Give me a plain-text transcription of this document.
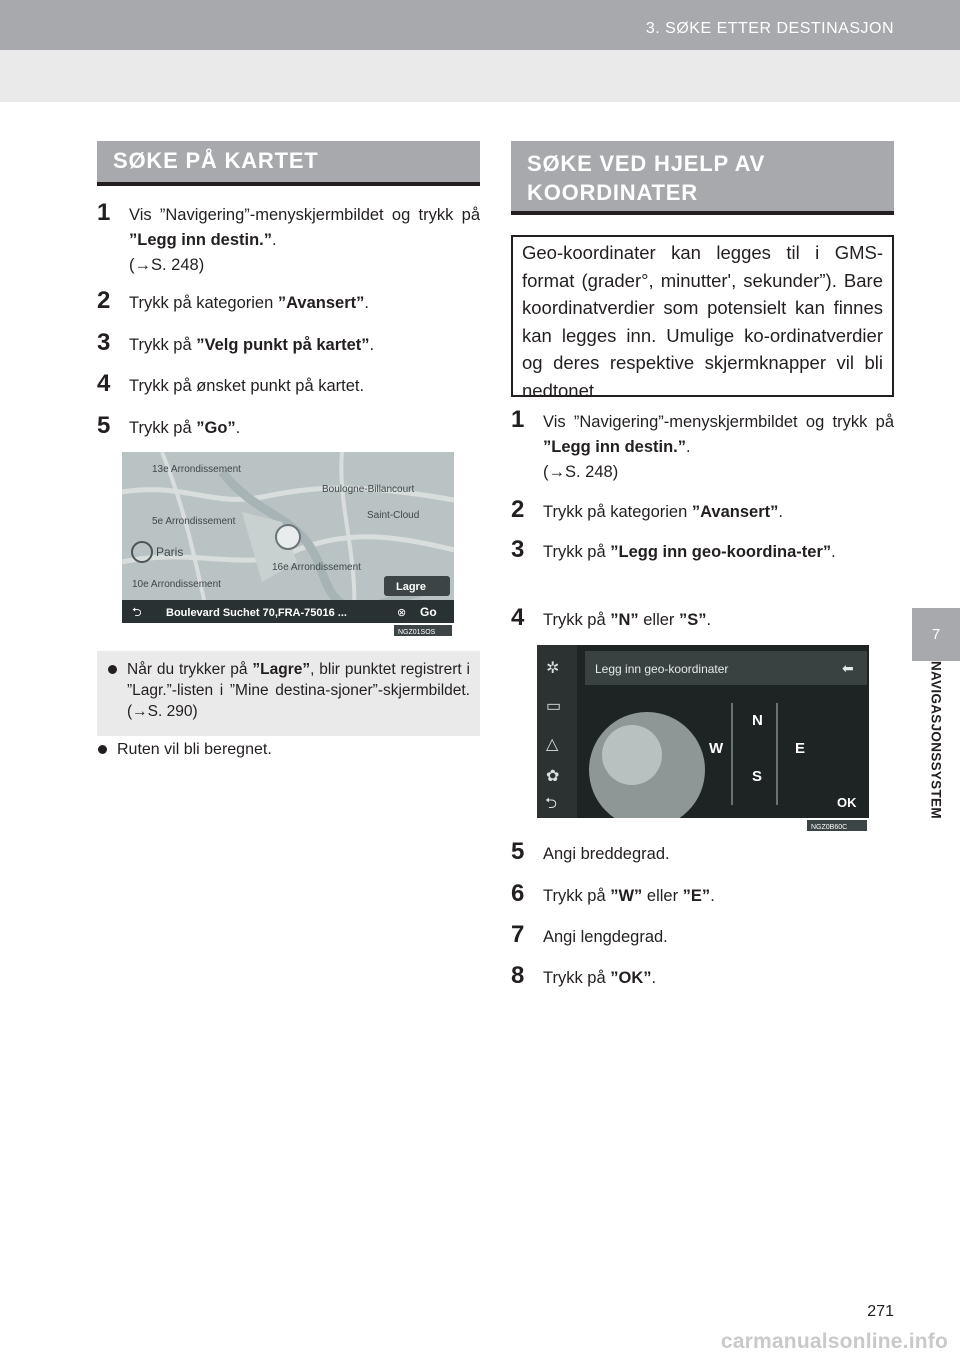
3. SØKE ETTER DESTINASJON
7
NAVIGASJONSSYSTEM
SØKE PÅ KARTET
1	Vis ”Navigering”-menyskjermbildet og trykk på ”Legg inn destin.”.
(→S. 248)
2	Trykk på kategorien ”Avansert”.
3	Trykk på ”Velg punkt på kartet”.
4	Trykk på ønsket punkt på kartet.
5	Trykk på ”Go”.
13e Arrondissement
Boulogne-Billancourt
5e Arrondissement
Saint-Cloud
Paris
10e Arrondissement
16e Arrondissement
Lagre
⮌ Boulevard Suchet 70,FRA-75016 ...	⊗ Go
NGZ01SOS
Når du trykker på ”Lagre”, blir punktet registrert i ”Lagr.”-listen i ”Mine destina-sjoner”-skjermbildet. (→S. 290)
Ruten vil bli beregnet.
SØKE VED HJELP AV
KOORDINATER
Geo-koordinater kan legges til i GMS-format (grader°, minutter', sekunder”). Bare koordinatverdier som potensielt kan finnes kan legges inn. Umulige ko-ordinatverdier og deres respektive skjermknapper vil bli nedtonet.
1	Vis ”Navigering”-menyskjermbildet og trykk på ”Legg inn destin.”.
(→S. 248)
2	Trykk på kategorien ”Avansert”.
3	Trykk på ”Legg inn geo-koordina-ter”.
4	Trykk på ”N” eller ”S”.
✲
▭
△
✿
⮌
Legg inn geo-koordinater	⬅
N
W	E
S
OK
NGZ0B60C
5	Angi breddegrad.
6	Trykk på ”W” eller ”E”.
7	Angi lengdegrad.
8	Trykk på ”OK”.
271
carmanualsonline.info
